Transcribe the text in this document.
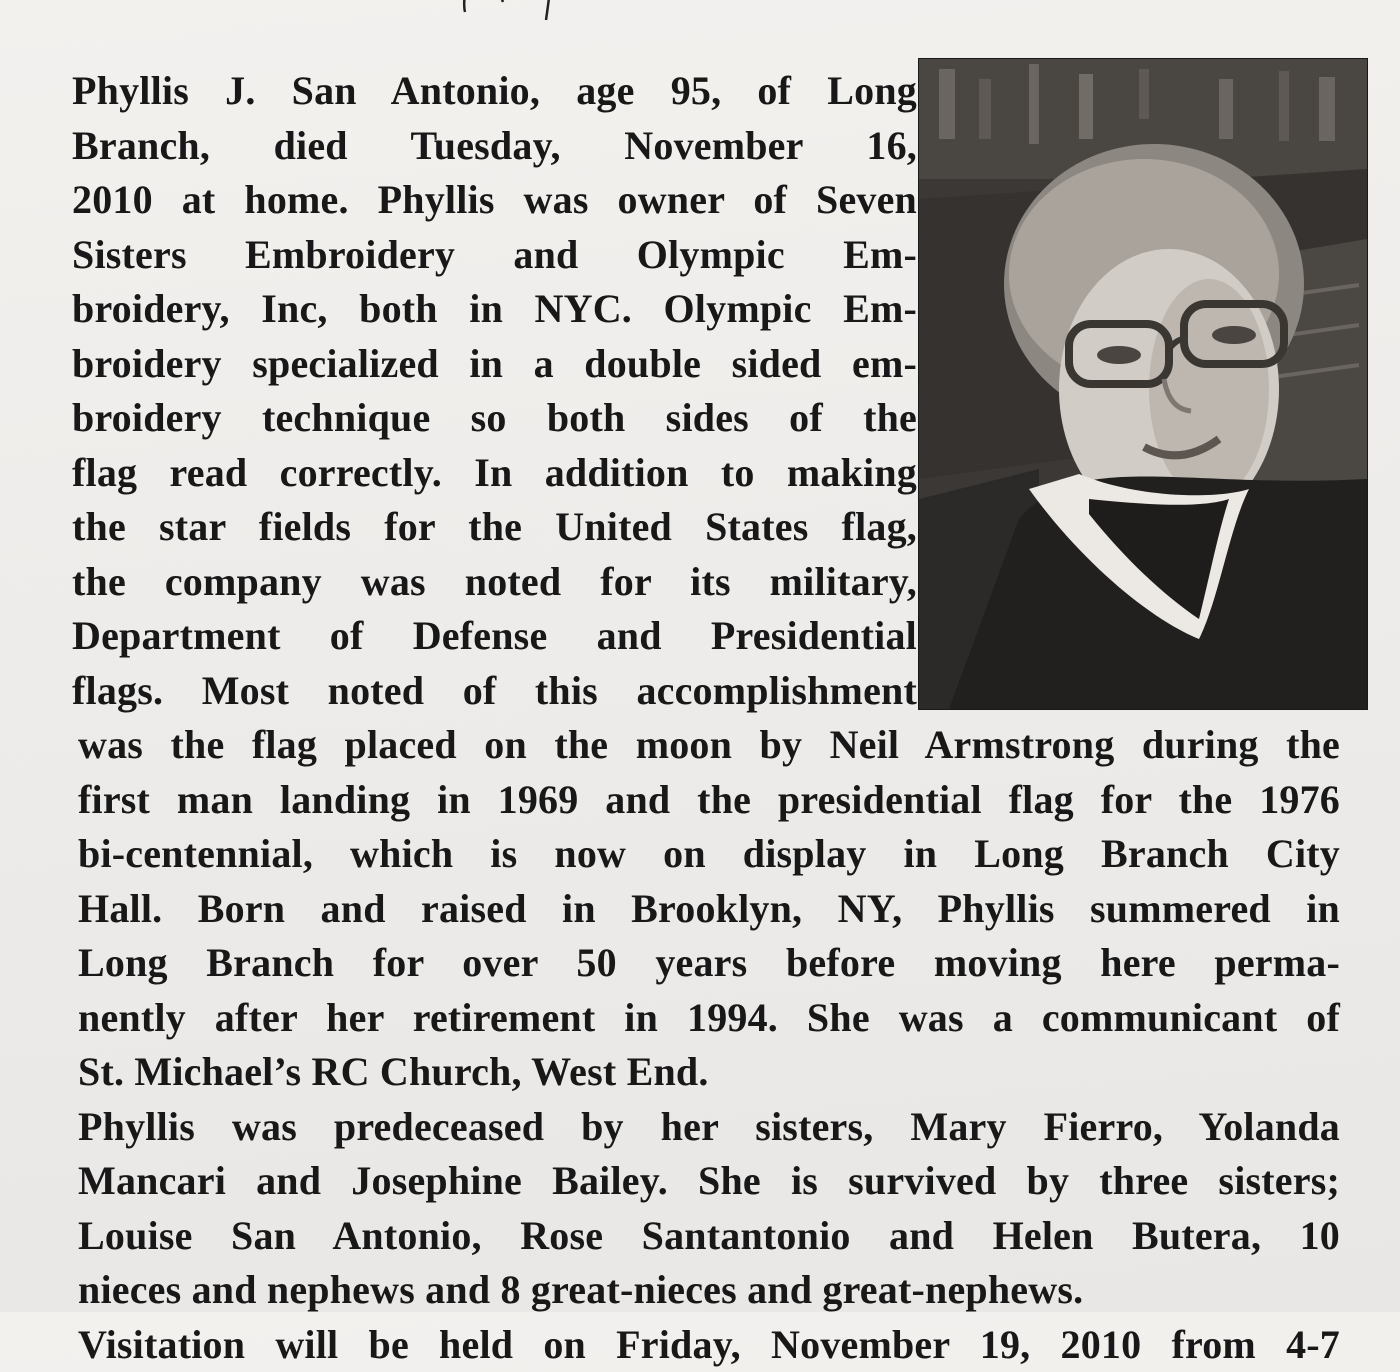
Phyllis J. San Antonio, age 95, of Long
Branch, died Tuesday, November 16,
2010 at home. Phyllis was owner of Seven
Sisters Embroidery and Olympic Em-
broidery, Inc, both in NYC. Olympic Em-
broidery specialized in a double sided em-
broidery technique so both sides of the
flag read correctly. In addition to making
the star fields for the United States flag,
the company was noted for its military,
Department of Defense and Presidential
flags. Most noted of this accomplishment
was the flag placed on the moon by Neil Armstrong during the
first man landing in 1969 and the presidential flag for the 1976
bi-centennial, which is now on display in Long Branch City
Hall. Born and raised in Brooklyn, NY, Phyllis summered in
Long Branch for over 50 years before moving here perma-
nently after her retirement in 1994. She was a communicant of
St. Michael’s RC Church, West End.
Phyllis was predeceased by her sisters, Mary Fierro, Yolanda
Mancari and Josephine Bailey. She is survived by three sisters;
Louise San Antonio, Rose Santantonio and Helen Butera, 10
nieces and nephews and 8 great-nieces and great-nephews.
Visitation will be held on Friday, November 19, 2010 from 4-7
